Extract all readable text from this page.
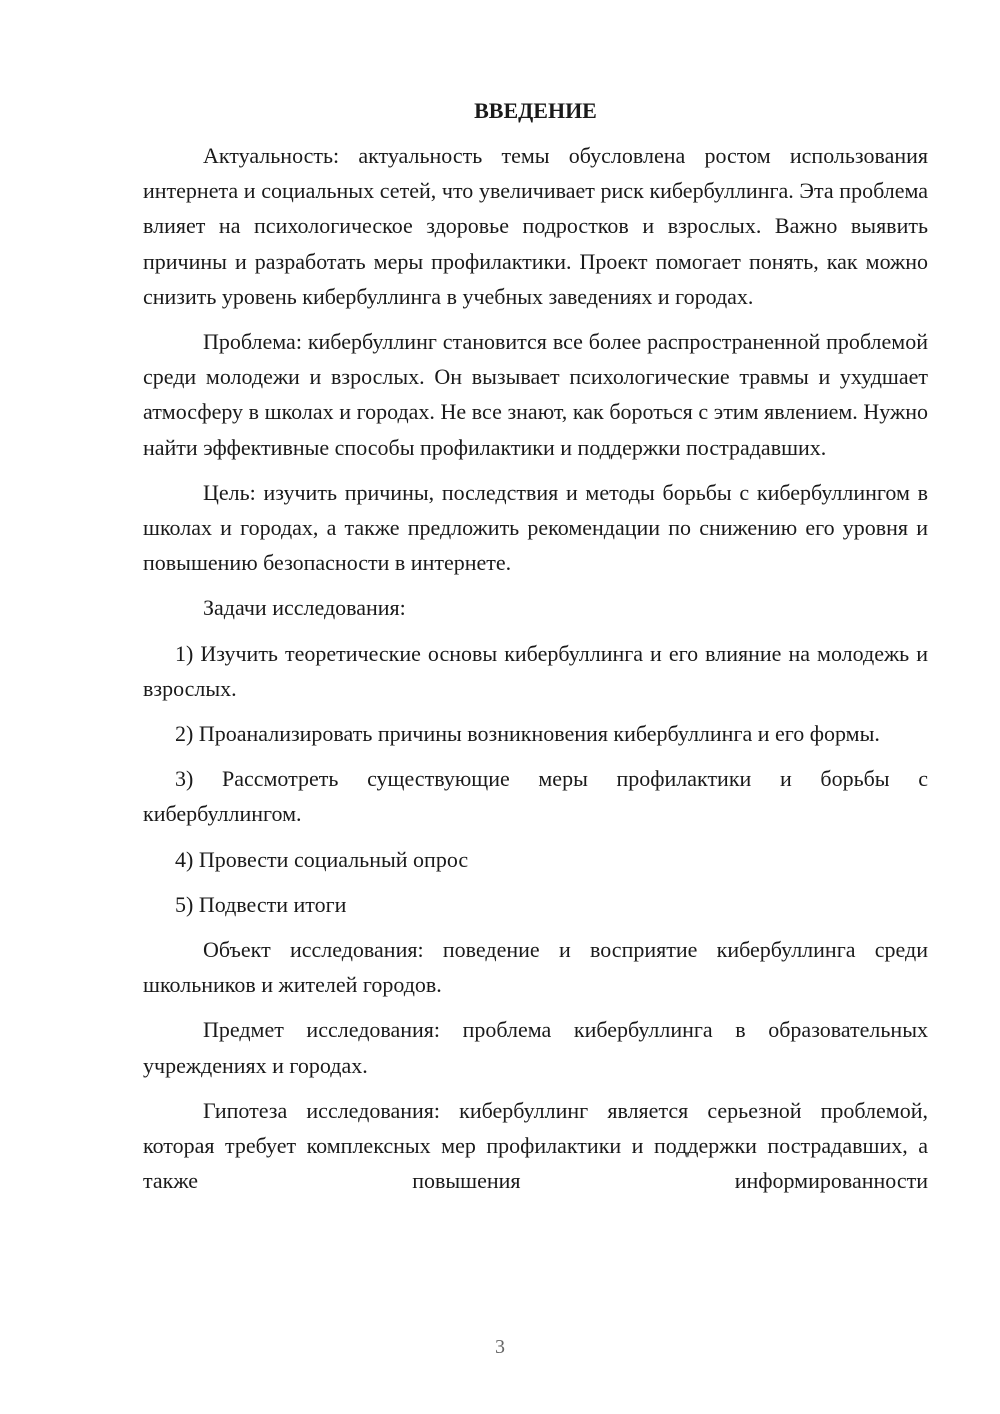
ВВЕДЕНИЕ

Актуальность: актуальность темы обусловлена ростом использования интернета и социальных сетей, что увеличивает риск кибербуллинга. Эта проблема влияет на психологическое здоровье подростков и взрослых. Важно выявить причины и разработать меры профилактики. Проект помогает понять, как можно снизить уровень кибербуллинга в учебных заведениях и городах.

Проблема: кибербуллинг становится все более распространенной проблемой среди молодежи и взрослых. Он вызывает психологические травмы и ухудшает атмосферу в школах и городах. Не все знают, как бороться с этим явлением. Нужно найти эффективные способы профилактики и поддержки пострадавших.

Цель: изучить причины, последствия и методы борьбы с кибербуллингом в школах и городах, а также предложить рекомендации по снижению его уровня и повышению безопасности в интернете.

Задачи исследования:

1) Изучить теоретические основы кибербуллинга и его влияние на молодежь и взрослых.

2) Проанализировать причины возникновения кибербуллинга и его формы.

3) Рассмотреть существующие меры профилактики и борьбы с кибербуллингом.

4) Провести социальный опрос

5) Подвести итоги

Объект исследования: поведение и восприятие кибербуллинга среди школьников и жителей городов.

Предмет исследования: проблема кибербуллинга в образовательных учреждениях и городах.

Гипотеза исследования: кибербуллинг является серьезной проблемой, которая требует комплексных мер профилактики и поддержки пострадавших, а также повышения информированности

3
